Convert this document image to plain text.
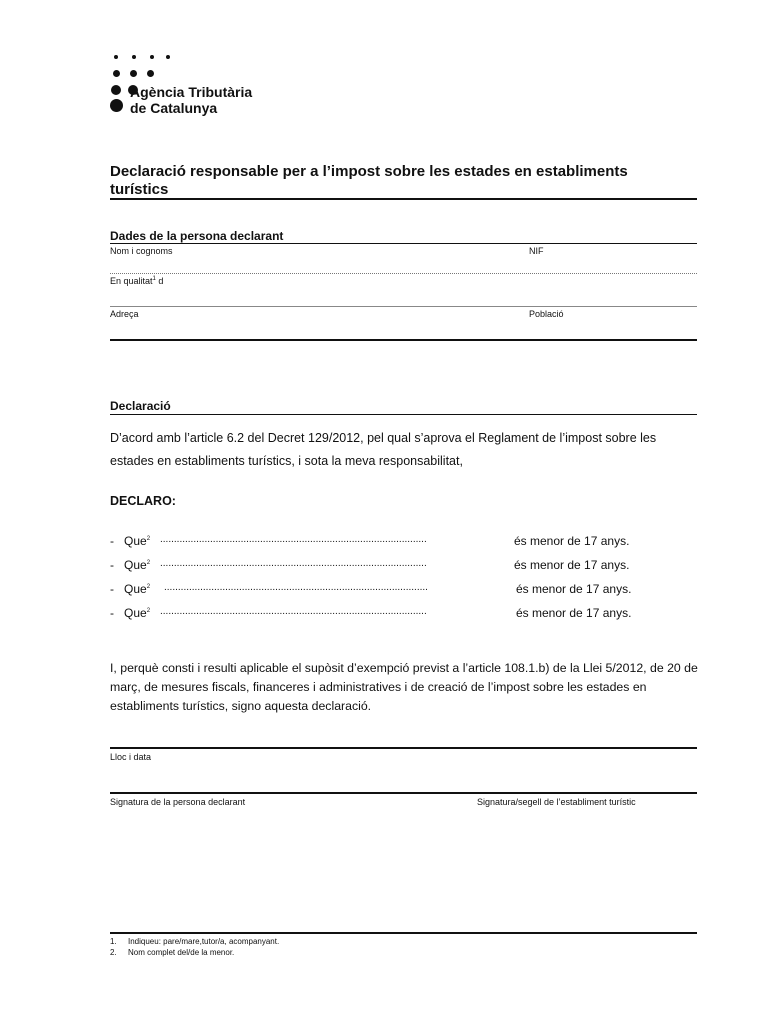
Agència Tributària
de Catalunya
Declaració responsable per a l’impost sobre les estades en establiments turístics
Dades de la persona declarant
Nom i cognoms	NIF
En qualitat$^1$ d
Adreça	Població
Declaració
D’acord amb l’article 6.2 del Decret 129/2012, pel qual s’aprova el Reglament de l’impost sobre les estades en establiments turístics, i sota la meva responsabilitat,
DECLARO:
- Que$^2$ ................................................................................................	és menor de 17 anys.
- Que$^2$ ................................................................................................	és menor de 17 anys.
- Que$^2$ ...............................................................................................	és menor de 17 anys.
- Que$^2$ ................................................................................................	és menor de 17 anys.
I, perquè consti i resulti aplicable el supòsit d’exempció previst a l’article 108.1.b) de la Llei 5/2012, de 20 de març, de mesures fiscals, financeres i administratives i de creació de l’impost sobre les estades en establiments turístics, signo aquesta declaració.
Lloc i data
Signatura de la persona declarant	Signatura/segell de l’establiment turístic
1. Indiqueu: pare/mare,tutor/a, acompanyant.
2. Nom complet del/de la menor.
